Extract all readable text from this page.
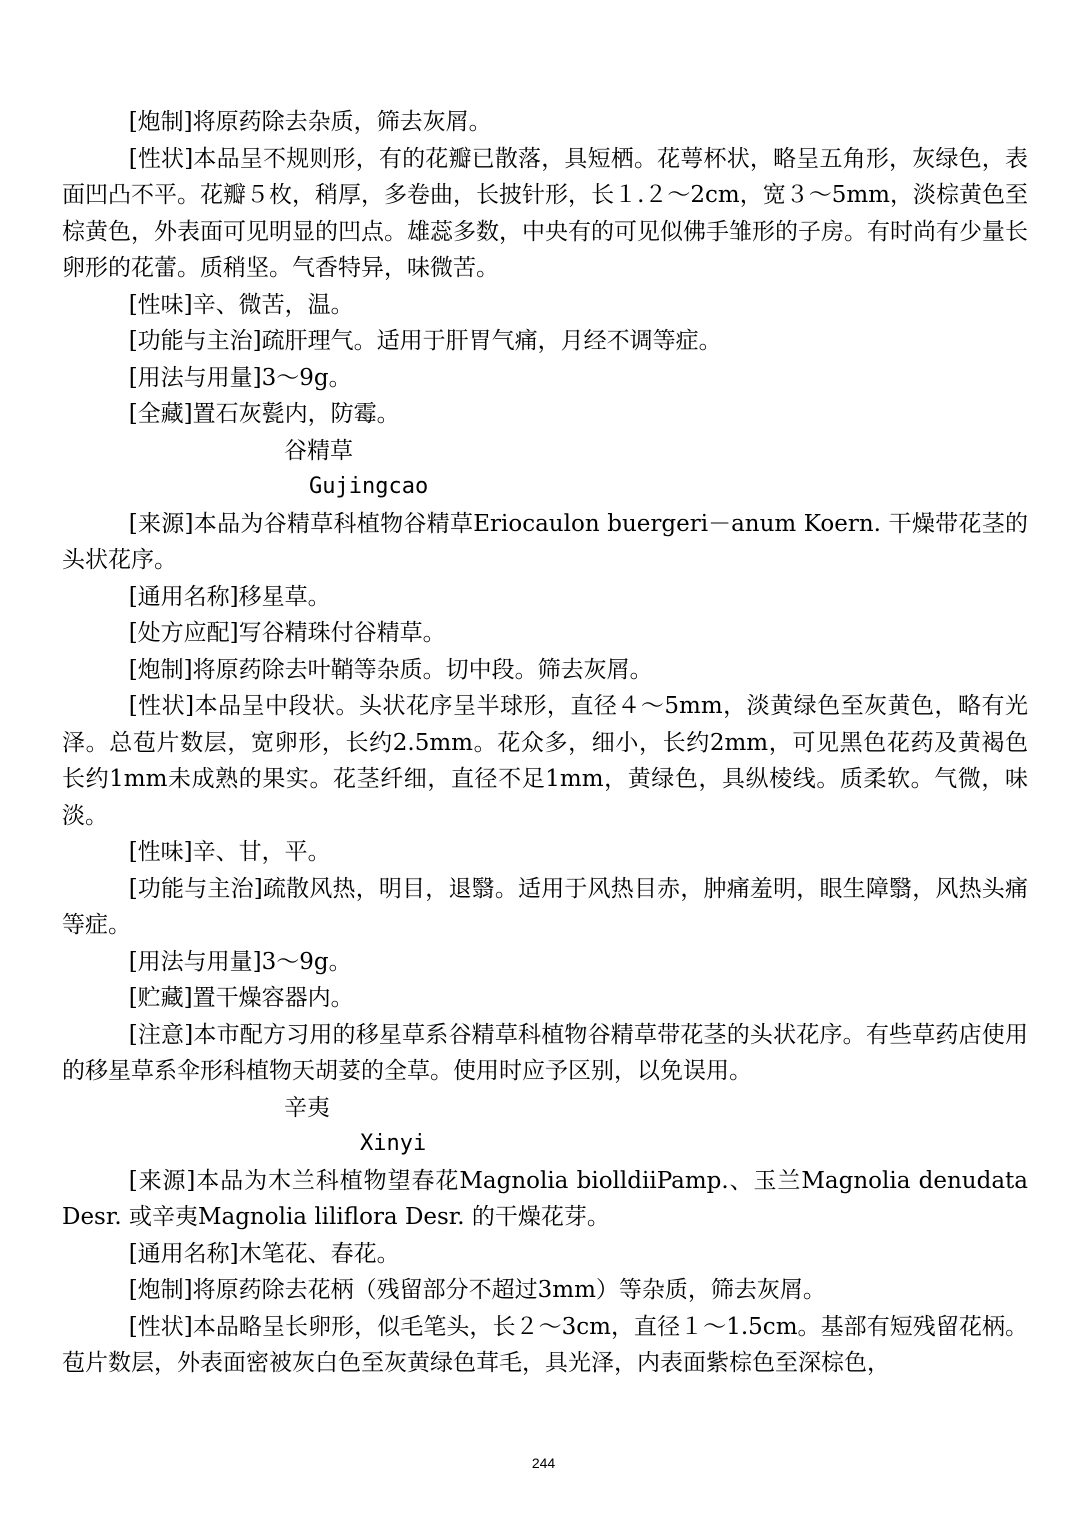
[炮制]将原药除去杂质，筛去灰屑。

[性状]本品呈不规则形，有的花瓣已散落，具短栖。花萼杯状，略呈五角形，灰绿色，表面凹凸不平。花瓣５枚，稍厚，多卷曲，长披针形，长１.２～2cm，宽３～5mm，淡棕黄色至棕黄色，外表面可见明显的凹点。雄蕊多数，中央有的可见似佛手雏形的子房。有时尚有少量长卵形的花蕾。质稍坚。气香特异，味微苦。

[性味]辛、微苦，温。

[功能与主治]疏肝理气。适用于肝胃气痛，月经不调等症。

[用法与用量]3～9g。

[全藏]置石灰甏内，防霉。

谷精草

Gujingcao

[来源]本品为谷精草科植物谷精草Eriocaulon buergeri－anum Koern. 干燥带花茎的头状花序。

[通用名称]移星草。

[处方应配]写谷精珠付谷精草。

[炮制]将原药除去叶鞘等杂质。切中段。筛去灰屑。

[性状]本品呈中段状。头状花序呈半球形，直径４～5mm，淡黄绿色至灰黄色，略有光泽。总苞片数层，宽卵形，长约2.5mm。花众多，细小，长约2mm，可见黑色花药及黄褐色长约1mm未成熟的果实。花茎纤细，直径不足1mm，黄绿色，具纵棱线。质柔软。气微，味淡。

[性味]辛、甘，平。

[功能与主治]疏散风热，明目，退翳。适用于风热目赤，肿痛羞明，眼生障翳，风热头痛等症。

[用法与用量]3～9g。

[贮藏]置干燥容器内。

[注意]本市配方习用的移星草系谷精草科植物谷精草带花茎的头状花序。有些草药店使用的移星草系伞形科植物天胡荽的全草。使用时应予区别，以免误用。

辛夷

Xinyi

[来源]本品为木兰科植物望春花Magnolia biolldiiPamp.、玉兰Magnolia denudata Desr. 或辛夷Magnolia liliflora Desr. 的干燥花芽。

[通用名称]木笔花、春花。

[炮制]将原药除去花柄（残留部分不超过3mm）等杂质，筛去灰屑。

[性状]本品略呈长卵形，似毛笔头，长２～3cm，直径１～1.5cm。基部有短残留花柄。苞片数层，外表面密被灰白色至灰黄绿色茸毛，具光泽，内表面紫棕色至深棕色，

244
